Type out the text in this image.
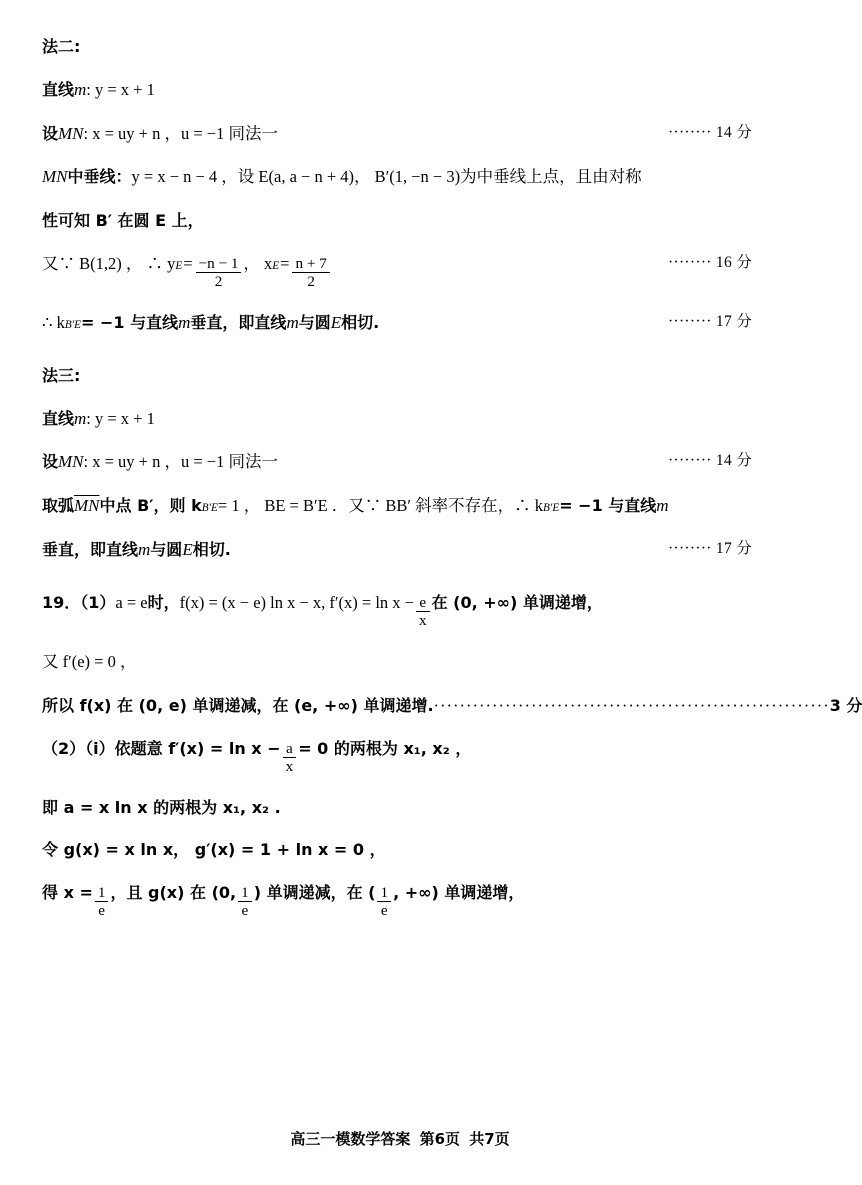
法二:
直线 m : y = x + 1
设 MN : x = uy + n ，u = −1 同法一	········ 14 分
MN 中垂线： y = x − n − 4 ，设 E(a, a − n + 4)， B′(1, −n − 3)为中垂线上点，且由对称
性可知 B′ 在圆 E 上，
又∵ B(1,2) ， ∴ y $E = \frac{-n - 1}{2}$ ， x $E = \frac{n + 7}{2}$	········ 16 分
∴ k B′E = −1 与直线 m 垂直，即直线 m 与圆 E 相切.	········ 17 分
法三:
直线 m : y = x + 1
设 MN : x = uy + n ，u = −1 同法一	········ 14 分
取弧 $\overline{MN}$ 中点 B′，则 k B′E = 1 ， BE = B′E ．又∵ BB′ 斜率不存在，∴ k B′E = −1 与直线 m
垂直，即直线 m 与圆 E 相切.	········ 17 分
19．（1） a = e 时， f(x) = (x − e) ln x − x, $f'(x) = \ln x - \frac{e}{x}$ 在 (0, +∞) 单调递增，
又 f′(e) = 0 ，
所以 f(x) 在 (0, e) 单调递减，在 (e, +∞) 单调递增. ····························································· 3 分
（2）（i）依题意 $f'(x) = \ln x - \frac{a}{x} = 0$ 的两根为 x₁, x₂ ，
即 a = x ln x 的两根为 x₁, x₂ .
令 g(x) = x ln x， g′(x) = 1 + ln x = 0 ，
得 $x = \frac{1}{e}$ ，且 g(x) 在 (0, $\frac{1}{e}$ ) 单调递减，在 ( $\frac{1}{e}$ , +∞) 单调递增，
高三一模数学答案 第6页 共7页
